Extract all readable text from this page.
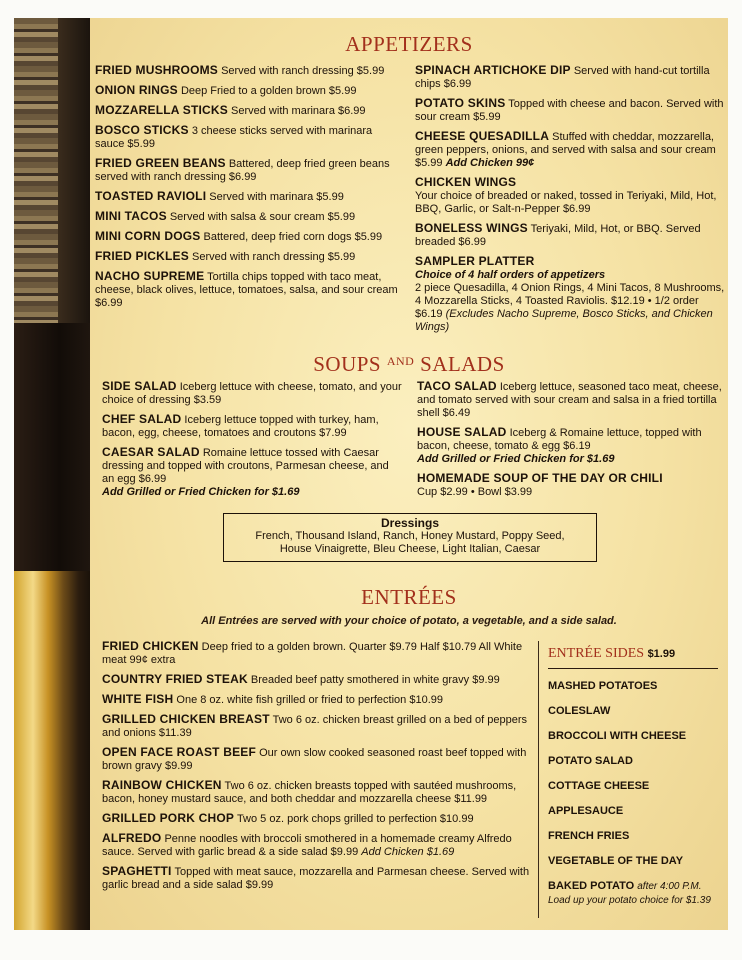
APPETIZERS
FRIED MUSHROOMS Served with ranch dressing $5.99
ONION RINGS Deep Fried to a golden brown $5.99
MOZZARELLA STICKS Served with marinara $6.99
BOSCO STICKS 3 cheese sticks served with marinara sauce $5.99
FRIED GREEN BEANS Battered, deep fried green beans served with ranch dressing $6.99
TOASTED RAVIOLI Served with marinara $5.99
MINI TACOS Served with salsa & sour cream $5.99
MINI CORN DOGS Battered, deep fried corn dogs $5.99
FRIED PICKLES Served with ranch dressing $5.99
NACHO SUPREME Tortilla chips topped with taco meat, cheese, black olives, lettuce, tomatoes, salsa, and sour cream $6.99
SPINACH ARTICHOKE DIP Served with hand-cut tortilla chips $6.99
POTATO SKINS Topped with cheese and bacon. Served with sour cream $5.99
CHEESE QUESADILLA Stuffed with cheddar, mozzarella, green peppers, onions, and served with salsa and sour cream $5.99 Add Chicken 99¢
CHICKEN WINGS
Your choice of breaded or naked, tossed in Teriyaki, Mild, Hot, BBQ, Garlic, or Salt-n-Pepper $6.99
BONELESS WINGS Teriyaki, Mild, Hot, or BBQ. Served breaded $6.99
SAMPLER PLATTER
Choice of 4 half orders of appetizers
2 piece Quesadilla, 4 Onion Rings, 4 Mini Tacos, 8 Mushrooms, 4 Mozzarella Sticks, 4 Toasted Raviolis. $12.19 • 1/2 order $6.19 (Excludes Nacho Supreme, Bosco Sticks, and Chicken Wings)
SOUPS $^{AND}$ SALADS
SIDE SALAD Iceberg lettuce with cheese, tomato, and your choice of dressing $3.59
CHEF SALAD Iceberg lettuce topped with turkey, ham, bacon, egg, cheese, tomatoes and croutons $7.99
CAESAR SALAD Romaine lettuce tossed with Caesar dressing and topped with croutons, Parmesan cheese, and an egg $6.99
Add Grilled or Fried Chicken for $1.69
TACO SALAD Iceberg lettuce, seasoned taco meat, cheese, and tomato served with sour cream and salsa in a fried tortilla shell $6.49
HOUSE SALAD Iceberg & Romaine lettuce, topped with bacon, cheese, tomato & egg $6.19
Add Grilled or Fried Chicken for $1.69
HOMEMADE SOUP OF THE DAY OR CHILI
Cup $2.99 • Bowl $3.99
Dressings
French, Thousand Island, Ranch, Honey Mustard, Poppy Seed,
House Vinaigrette, Bleu Cheese, Light Italian, Caesar
ENTRÉES
All Entrées are served with your choice of potato, a vegetable, and a side salad.
FRIED CHICKEN Deep fried to a golden brown. Quarter $9.79 Half $10.79 All White meat 99¢ extra
COUNTRY FRIED STEAK Breaded beef patty smothered in white gravy $9.99
WHITE FISH One 8 oz. white fish grilled or fried to perfection $10.99
GRILLED CHICKEN BREAST Two 6 oz. chicken breast grilled on a bed of peppers and onions $11.39
OPEN FACE ROAST BEEF Our own slow cooked seasoned roast beef topped with brown gravy $9.99
RAINBOW CHICKEN Two 6 oz. chicken breasts topped with sautéed mushrooms, bacon, honey mustard sauce, and both cheddar and mozzarella cheese $11.99
GRILLED PORK CHOP Two 5 oz. pork chops grilled to perfection $10.99
ALFREDO Penne noodles with broccoli smothered in a homemade creamy Alfredo sauce. Served with garlic bread & a side salad $9.99 Add Chicken $1.69
SPAGHETTI Topped with meat sauce, mozzarella and Parmesan cheese. Served with garlic bread and a side salad $9.99
ENTRÉE SIDES $1.99
MASHED POTATOES
COLESLAW
BROCCOLI WITH CHEESE
POTATO SALAD
COTTAGE CHEESE
APPLESAUCE
FRENCH FRIES
VEGETABLE OF THE DAY
BAKED POTATO after 4:00 P.M.
Load up your potato choice for $1.39
